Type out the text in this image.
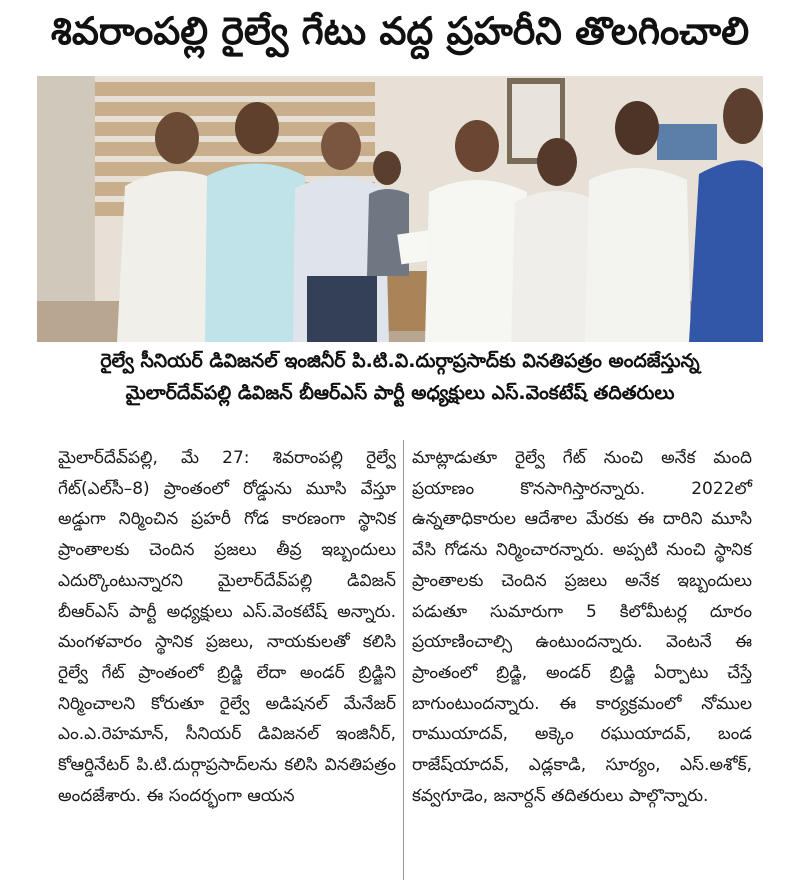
శివరాంపల్లి రైల్వే గేటు వద్ద ప్రహరీని తొలగించాలి
రైల్వే సీనియర్ డివిజనల్ ఇంజినీర్ పి.టి.వి.దుర్గాప్రసాద్‌కు వినతిపత్రం అందజేస్తున్న
మైలార్‌దేవ్‌పల్లి డివిజన్ బీఆర్ఎస్ పార్టీ అధ్యక్షులు ఎస్.వెంకటేష్ తదితరులు

మైలార్‌దేవ్‌పల్లి, మే 27: శివరాంపల్లి రైల్వే గేట్(ఎల్‌సీ–8) ప్రాంతంలో రోడ్డును మూసి వేస్తూ అడ్డుగా నిర్మించిన ప్రహరీ గోడ కారణంగా స్థానిక ప్రాంతాలకు చెందిన ప్రజలు తీవ్ర ఇబ్బందులు ఎదుర్కొంటున్నారని మైలార్‌దేవ్‌పల్లి డివిజన్ బీఆర్ఎస్ పార్టీ అధ్యక్షులు ఎస్.వెంకటేష్ అన్నారు. మంగళవారం స్థానిక ప్రజలు, నాయకులతో కలిసి రైల్వే గేట్ ప్రాంతంలో బ్రిడ్జి లేదా అండర్ బ్రిడ్జిని నిర్మించాలని కోరుతూ రైల్వే అడిషనల్ మేనేజర్ ఎం.ఎ.రెహమాన్, సీనియర్ డివిజనల్ ఇంజినీర్, కోఆర్డినేటర్ పి.టి.దుర్గాప్రసాద్‌లను కలిసి వినతిపత్రం అందజేశారు. ఈ సందర్భంగా ఆయన

మాట్లాడుతూ రైల్వే గేట్ నుంచి అనేక మంది ప్రయాణం కొనసాగిస్తారన్నారు. 2022లో ఉన్నతాధికారుల ఆదేశాల మేరకు ఈ దారిని మూసి వేసి గోడను నిర్మించారన్నారు. అప్పటి నుంచి స్థానిక ప్రాంతాలకు చెందిన ప్రజలు అనేక ఇబ్బందులు పడుతూ సుమారుగా 5 కిలోమీటర్ల దూరం ప్రయాణించాల్సి ఉంటుందన్నారు. వెంటనే ఈ ప్రాంతంలో బ్రిడ్జి, అండర్ బ్రిడ్జి ఏర్పాటు చేస్తే బాగుంటుందన్నారు. ఈ కార్యక్రమంలో నోముల రాముయాదవ్, అక్కెం రఘుయాదవ్, బండ రాజేష్‌యాదవ్, ఎడ్లకాడి, సూర్యం, ఎస్.అశోక్, కవ్వగూడెం, జనార్దన్ తదితరులు పాల్గొన్నారు.
